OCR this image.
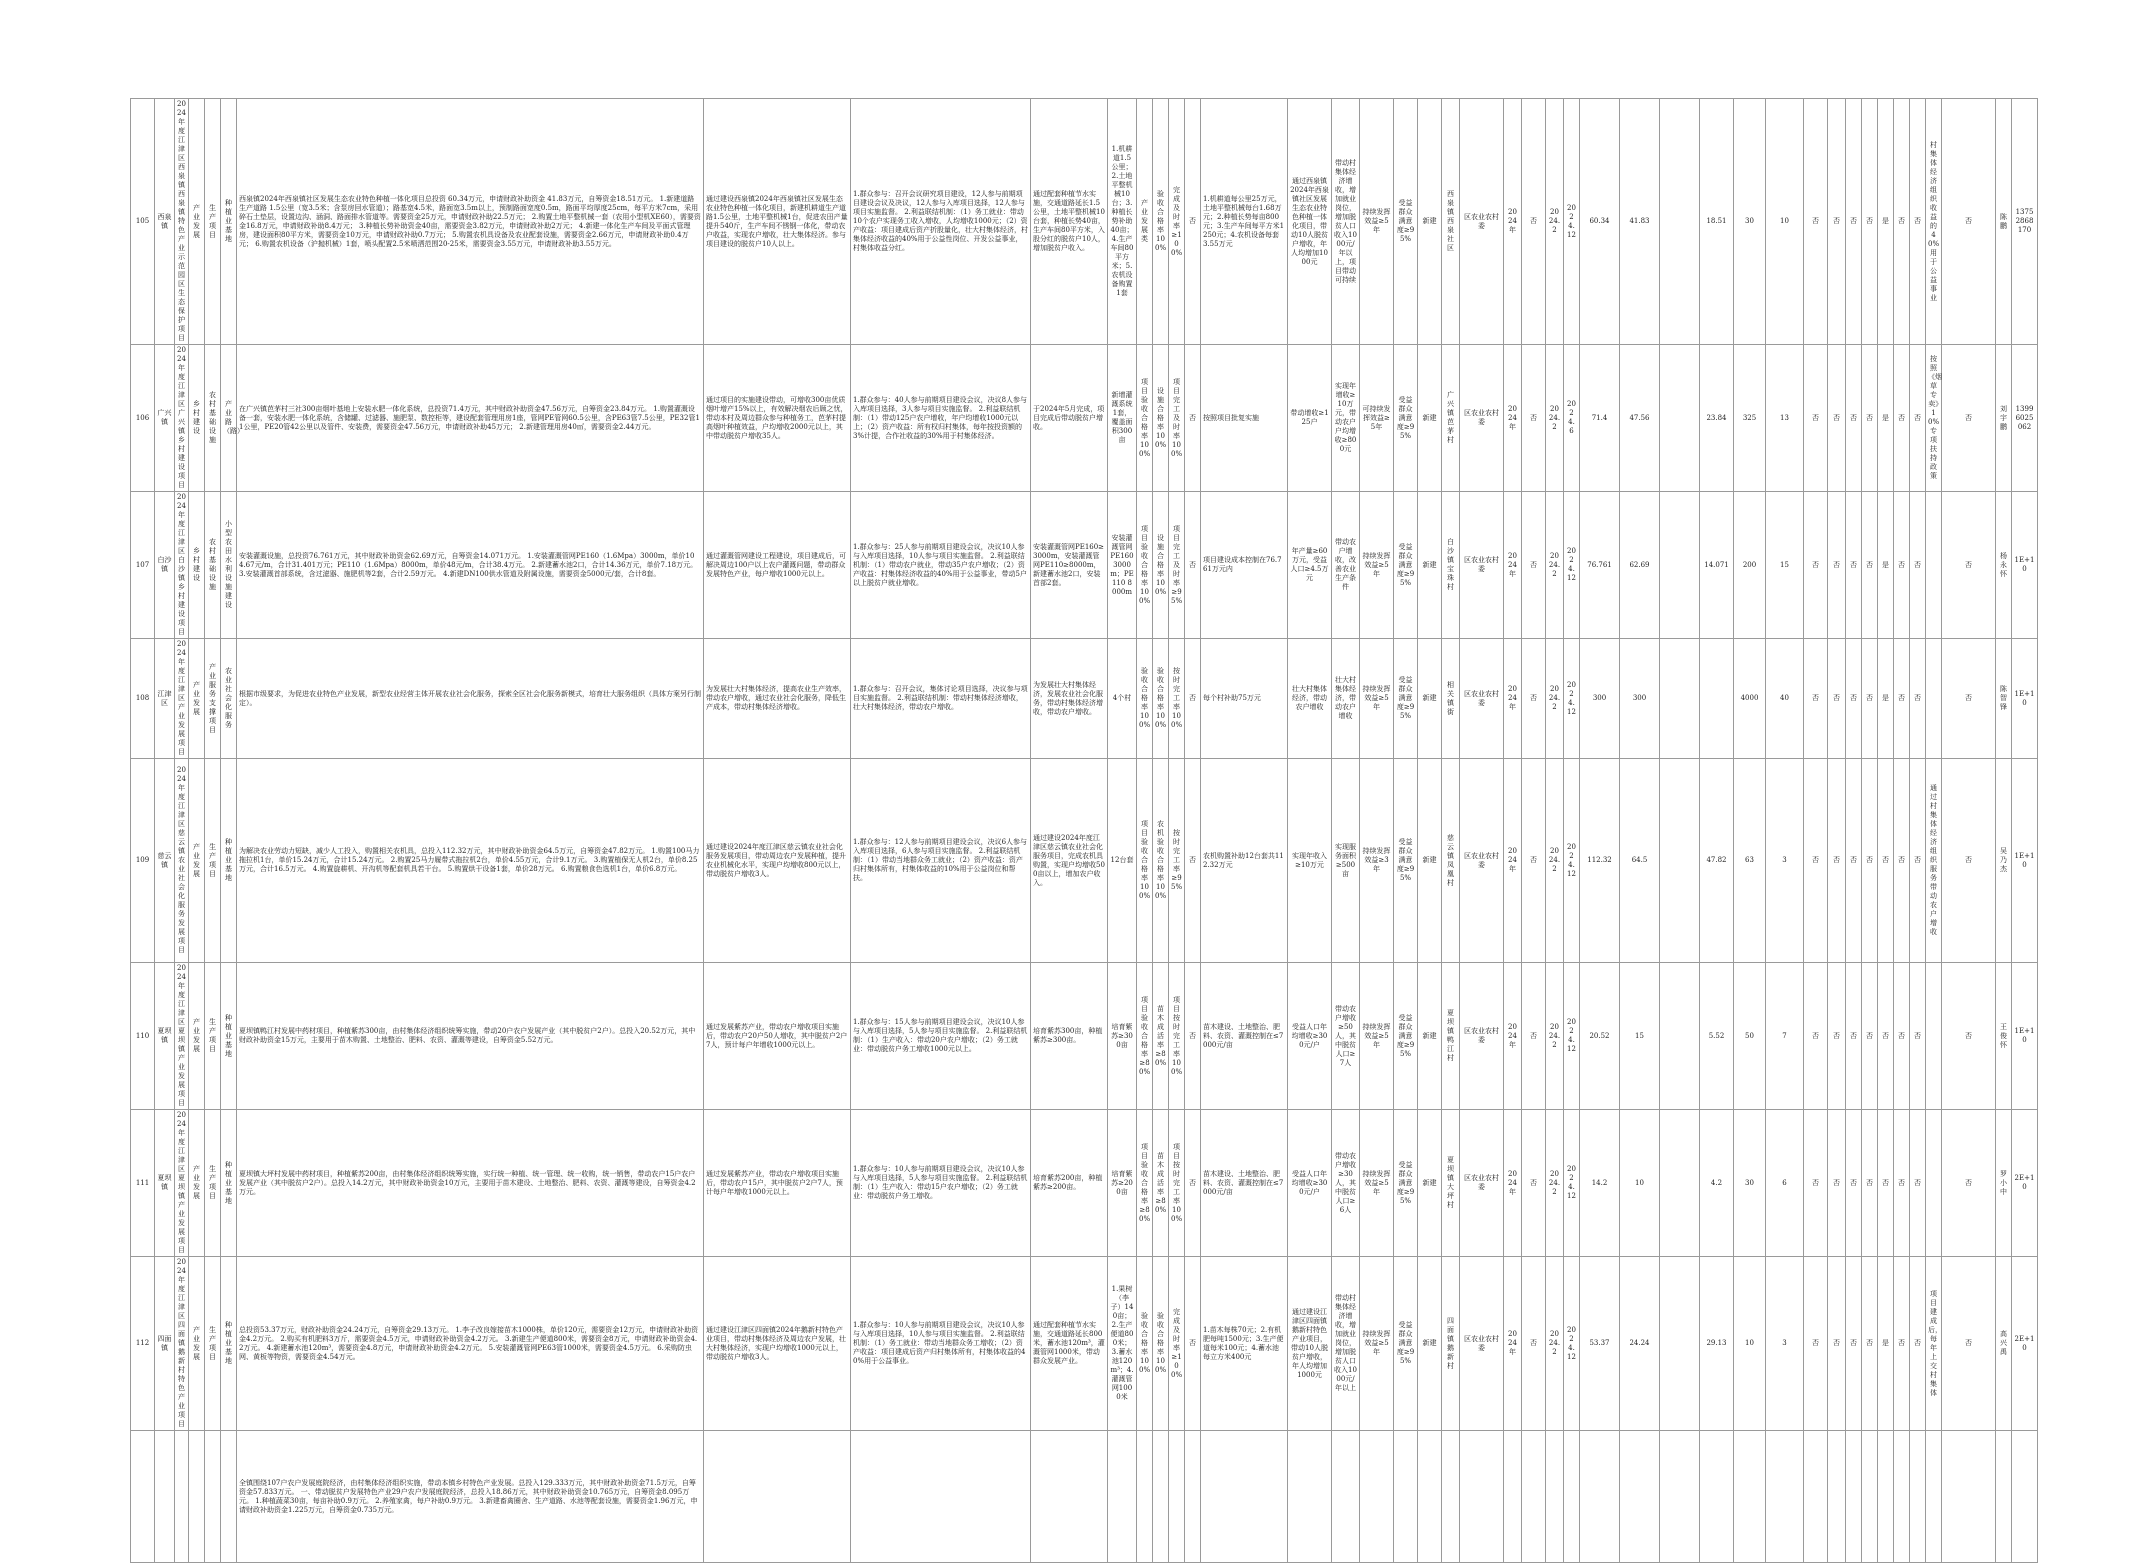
105	西泉镇	2024年度江津区西泉镇西泉镇特色产业示范园区生态保护项目	产业发展	生产项目	种植业基地	西泉镇2024年西泉镇社区发展生态农业特色种植一体化项目总投资 60.34万元，申请财政补助资金 41.83万元，自筹资金18.51万元。 1.新建道路生产道路 1.5公里（宽3.5米；含泵房回水管道）；路基宽4.5米，路面宽3.5m以上，预制路面宽度0.5m，路面平均厚度25cm，每平方米7cm，采用碎石土垫层，设置边沟、涵洞、路面排水管道等。需要资金25万元，申请财政补助22.5万元； 2.购置土地平整机械一套（农用小型机XE60），需要资金16.8万元，申请财政补助8.4万元； 3.种植长势补助资金40亩，需要资金3.82万元，申请财政补助2万元； 4.新建一体化生产车间及平面式管理房，建设面积80平方米，需要资金10万元，申请财政补助0.7万元； 5.购置农机具设备及农业配套设施，需要资金2.66万元，申请财政补助0.4万元； 6.购置农机设备（沪抛机械）1套，喷头配置2.5米喷洒范围20-25米，需要资金3.55万元，申请财政补助3.55万元。	通过建设西泉镇2024年西泉镇社区发展生态农业特色种植一体化项目，新建机耕道生产道路1.5公里，土地平整机械1台，促进农田产量提升540斤，生产车间不锈钢一体化，带动农户收益，实现农户增收，壮大集体经济。参与项目建设的脱贫户10人以上。	1.群众参与：召开会议研究项目建设，12人参与前期项目建设会议及决议，12人参与入库项目选择，12人参与项目实施监督。 2.利益联结机制：（1）务工就业：带动10个农户实现务工收入增收，人均增收1000元；（2）资产收益：项目建成后资产折股量化，壮大村集体经济，村集体经济收益的40%用于公益性岗位、开发公益事业，村集体收益分红。	通过配套种植节水实施，交通道路延长1.5公里，土地平整机械10台套，种植长势40亩，生产车间80平方米，入股分红的脱贫户10人，增加脱贫户收入。	1.机耕道1.5公里；2.土地平整机械10台；3.种植长势补助40亩；4.生产车间80平方米；5.农机设备购置1套	产业发展类	验收合格率100%	完成及时率≥100%	否	1.机耕道每公里25万元，土地平整机械每台1.68万元；2.种植长势每亩800元；3.生产车间每平方米1250元；4.农机设备每套3.55万元	通过西泉镇2024年西泉镇社区发展生态农业特色种植一体化项目，带动10人脱贫户增收，年人均增加1000元	带动村集体经济增收，增加就业岗位，增加脱贫人口收入1000元/年以上，项目带动可持续	持续发挥效益≥5年	受益群众满意度≥95%	新建	西泉镇西泉社区	区农业农村委	2024年	否	2024.2	2024.12	60.34	41.83		18.51	30	10	否	否	否	否	是	否	否	村集体经济组织收益的40%用于公益事业	否	陈鹏	13752868170
106	广兴镇	2024年度江津区广兴镇乡村建设项目	乡村建设	农村基础设施	产业路（路）	在广兴镇芭茅村三社300亩烟叶基地上安装水肥一体化系统，总投资71.4万元，其中财政补助资金47.56万元，自筹资金23.84万元。 1.购置灌溉设备一套，安装水肥一体化系统，含储罐、过滤器、施肥泵、数控柜等，建设配套管理用房1座，管网PE管网60.5公里，含PE63管7.5公里，PE32管11公里，PE20管42公里以及管件、安装费，需要资金47.56万元，申请财政补助45万元； 2.新建管理用房40㎡，需要资金2.44万元。	通过项目的实施建设带动，可增收300亩优质烟叶增产15%以上，有效解决烟农后顾之忧，带动本村及周边群众参与种植务工，芭茅村提高烟叶种植效益，户均增收2000元以上，其中带动脱贫户增收35人。	1.群众参与：40人参与前期项目建设会议，决议8人参与入库项目选择，3人参与项目实施监督。 2.利益联结机制：（1）带动125户农户增收，年户均增收1000元以上；（2）资产收益：所有权归村集体，每年按投资额的3%计提，合作社收益的30%用于村集体经济。	于2024年5月完成，项目完成后带动脱贫户增收。	新增灌溉系统1套，覆盖面积300亩	项目验收合格率100%	设施合格率100%	项目完工及时率100%	否	按照项目批复实施	带动增收≥125户	实现年增收≥10万元，带动农户户均增收≥800元	可持续发挥效益≥5年	受益群众满意度≥95%	新建	广兴镇芭茅村	区农业农村委	2024年	否	2024.2	2024.6	71.4	47.56		23.84	325	13	否	否	否	否	是	否	否	按照《烟草专卖》10%专项扶持政策	否	刘宇鹏	13996025062
107	白沙镇	2024年度江津区白沙镇乡村建设项目	乡村建设	农村基础设施	小型农田水利设施建设	安装灌溉设施，总投资76.761万元，其中财政补助资金62.69万元，自筹资金14.071万元。 1.安装灌溉管网PE160（1.6Mpa）3000m，单价104.67元/m，合计31.401万元；PE110（1.6Mpa）8000m，单价48元/m，合计38.4万元。 2.新建蓄水池2口，合计14.36万元，单价7.18万元。 3.安装灌溉首部系统，含过滤器、施肥机等2套，合计2.59万元。 4.新建DN100供水管道及附属设施，需要资金5000元/套，合计8套。	通过灌溉管网建设工程建设，项目建成后，可解决周边100户以上农户灌溉问题，带动群众发展特色产业，每户增收1000元以上。	1.群众参与：25人参与前期项目建设会议，决议10人参与入库项目选择，10人参与项目实施监督。 2.利益联结机制：（1）带动农户就业，带动35户农户增收；（2）资产收益：村集体经济收益的40%用于公益事业，带动5户以上脱贫户就业增收。	安装灌溉管网PE160≥3000m，安装灌溉管网PE110≥8000m，新建蓄水池2口，安装首部2套。	安装灌溉管网PE160 3000m；PE110 8000m	项目验收合格率100%	设施合格率100%	项目完工及时率≥95%	否	项目建设成本控制在76.761万元内	年产量≥60万元，受益人口≥4.5万元	带动农户增收，改善农业生产条件	持续发挥效益≥5年	受益群众满意度≥95%	新建	白沙镇宝珠村	区农业农村委	2024年	否	2024.2	2024.12	76.761	62.69		14.071	200	15	否	否	否	否	是	否	否		否	杨永怀	1E+10
108	江津区	2024年度江津区产业发展项目	产业发展	产业服务支撑项目	农业社会化服务	根据市级要求，为促进农业特色产业发展，新型农业经营主体开展农业社会化服务，探索全区社会化服务新模式，培育壮大服务组织（具体方案另行制定）。	为发展壮大村集体经济，提高农业生产效率，带动农户增收，通过农业社会化服务，降低生产成本，带动村集体经济增收。	1.群众参与：召开会议，集体讨论项目选择，决议参与项目实施监督。 2.利益联结机制：带动村集体经济增收，壮大村集体经济，带动农户增收。	为发展壮大村集体经济，发展农业社会化服务，带动村集体经济增收，带动农户增收。	4个村	验收合格率100%	验收合格率100%	按时完工率100%	否	每个村补助75万元	壮大村集体经济，带动农户增收	壮大村集体经济，带动农户增收	持续发挥效益≥5年	受益群众满意度≥95%	新建	相关镇街	区农业农村委	2024年	否	2024.2	2024.12	300	300			4000	40	否	否	否	否	是	否	否		否	陈智锋	1E+10
109	慈云镇	2024年度江津区慈云镇农业社会化服务发展项目	产业发展	生产项目	种植业基地	为解决农业劳动力短缺，减少人工投入，购置相关农机具，总投入112.32万元，其中财政补助资金64.5万元，自筹资金47.82万元。 1.购置100马力拖拉机1台，单价15.24万元，合计15.24万元。 2.购置25马力履带式拖拉机2台，单价4.55万元，合计9.1万元。 3.购置植保无人机2台，单价8.25万元，合计16.5万元。 4.购置旋耕机、开沟机等配套机具若干台。 5.购置烘干设备1套，单价28万元。 6.购置粮食色选机1台，单价6.8万元。	通过建设2024年度江津区慈云镇农业社会化服务发展项目，带动周边农户发展种植，提升农业机械化水平，实现户均增收800元以上，带动脱贫户增收3人。	1.群众参与：12人参与前期项目建设会议，决议6人参与入库项目选择，6人参与项目实施监督。 2.利益联结机制：（1）带动当地群众务工就业；（2）资产收益：资产归村集体所有，村集体收益的10%用于公益岗位和帮扶。	通过建设2024年度江津区慈云镇农业社会化服务项目，完成农机具购置，实现户均增收500亩以上，增加农户收入。	12台套	项目验收合格率100%	农机验收合格率100%	按时完工率≥95%	否	农机购置补助12台套共112.32万元	实现年收入≥10万元	实现服务面积≥500亩	持续发挥效益≥3年	受益群众满意度≥95%	新建	慈云镇凤凰村	区农业农村委	2024年	否	2024.2	2024.12	112.32	64.5		47.82	63	3	否	否	否	否	否	否	否	通过村集体经济组织服务带动农户增收	否	吴乃杰	1E+10
110	夏坝镇	2024年度江津区夏坝镇产业发展项目	产业发展	生产项目	种植业基地	夏坝镇鸭江村发展中药材项目，种植紫苏300亩，由村集体经济组织统筹实施，带动20户农户发展产业（其中脱贫户2户）。总投入20.52万元，其中财政补助资金15万元，主要用于苗木购置、土地整治、肥料、农资、灌溉等建设，自筹资金5.52万元。	通过发展紫苏产业，带动农户增收项目实施后，带动农户20户50人增收，其中脱贫户2户7人，预计每户年增收1000元以上。	1.群众参与：15人参与前期项目建设会议，决议10人参与入库项目选择，5人参与项目实施监督。 2.利益联结机制：（1）生产收入：带动20户农户增收；（2）务工就业：带动脱贫户务工增收1000元以上。	培育紫苏300亩，种植紫苏≥300亩。	培育紫苏≥300亩	项目验收合格率≥80%	苗木成活率≥80%	项目按时完工率100%	否	苗木建设、土地整治、肥料、农资、灌溉控制在≤7000元/亩	受益人口年均增收≥300元/户	带动农户增收≥50人，其中脱贫人口≥7人	持续发挥效益≥5年	受益群众满意度≥95%	新建	夏坝镇鸭江村	区农业农村委	2024年	否	2024.2	2024.12	20.52	15		5.52	50	7	否	否	否	否	否	否	否		否	王俊怀	1E+10
111	夏坝镇	2024年度江津区夏坝镇产业发展项目	产业发展	生产项目	种植业基地	夏坝镇大坪村发展中药材项目，种植紫苏200亩，由村集体经济组织统筹实施，实行统一种植、统一管理、统一收购，统一销售，带动农户15户农户发展产业（其中脱贫户2户）。总投入14.2万元，其中财政补助资金10万元，主要用于苗木建设、土地整治、肥料、农资、灌溉等建设，自筹资金4.2万元。	通过发展紫苏产业，带动农户增收项目实施后，带动农户15户，其中脱贫户2户7人，预计每户年增收1000元以上。	1.群众参与：10人参与前期项目建设会议，决议10人参与入库项目选择，5人参与项目实施监督。 2.利益联结机制：（1）生产收入：带动15户农户增收；（2）务工就业：带动脱贫户务工增收。	培育紫苏200亩，种植紫苏≥200亩。	培育紫苏≥200亩	项目验收合格率≥80%	苗木成活率≥80%	项目按时完工率100%	否	苗木建设、土地整治、肥料、农资、灌溉控制在≤7000元/亩	受益人口年均增收≥300元/户	带动农户增收≥30人，其中脱贫人口≥6人	持续发挥效益≥5年	受益群众满意度≥95%	新建	夏坝镇大坪村	区农业农村委	2024年	否	2024.2	2024.12	14.2	10		4.2	30	6	否	否	否	否	否	否	否		否	罗小中	2E+10
112	四面镇	2024年度江津区四面镇鹅新村特色产业项目	产业发展	生产项目	种植业基地	总投资53.37万元，财政补助资金24.24万元，自筹资金29.13万元。 1.李子改良嫁接苗木1000株，单价120元，需要资金12万元，申请财政补助资金4.2万元。 2.购买有机肥料3万斤，需要资金4.5万元，申请财政补助资金4.2万元。 3.新建生产便道800米，需要资金8万元，申请财政补助资金4.2万元。 4.新建蓄水池120m³，需要资金4.8万元，申请财政补助资金4.2万元。 5.安装灌溉管网PE63管1000米，需要资金4.5万元。 6.采购防虫网、黄板等物资，需要资金4.54万元。	通过建设江津区四面镇2024年鹅新村特色产业项目，带动村集体经济及周边农户发展，壮大村集体经济，实现户均增收1000元以上，带动脱贫户增收3人。	1.群众参与：10人参与前期项目建设会议，决议10人参与入库项目选择，10人参与项目实施监督。 2.利益联结机制：（1）务工就业：带动当地群众务工增收；（2）资产收益：项目建成后资产归村集体所有，村集体收益的40%用于公益事业。	通过配套种植节水实施，交通道路延长800米，蓄水池120m³，灌溉管网1000米，带动群众发展产业。	1.果树（李子）140亩；2.生产便道800米；3.蓄水池120m³；4.灌溉管网1000米	验收合格率100%	验收合格率100%	完成及时率≥100%	否	1.苗木每株70元；2.有机肥每吨1500元；3.生产便道每米100元；4.蓄水池每立方米400元	通过建设江津区四面镇鹅新村特色产业项目，带动10人脱贫户增收，年人均增加1000元	带动村集体经济增收，增加就业岗位，增加脱贫人口收入1000元/年以上	持续发挥效益≥5年	受益群众满意度≥95%	新建	四面镇鹅新村	区农业农村委	2024年	否	2024.2	2024.12	53.37	24.24		29.13	10	3	否	否	否	否	是	否	否	项目建成后，每年上交村集体	否	高兴禹	2E+10
						全镇围绕107户农户发展庭院经济，由村集体经济组织实施，带动本镇乡村特色产业发展。总投入129.333万元，其中财政补助资金71.5万元，自筹资金57.833万元。 一、带动脱贫户发展特色产业29户农户发展庭院经济，总投入18.86万元，其中财政补助资金10.765万元，自筹资金8.095万元。 1.种植蔬菜30亩，每亩补助0.9万元。 2.养殖家禽，每户补助0.9万元。 3.新建畜禽圈舍、生产道路、水池等配套设施，需要资金1.96万元，申请财政补助资金1.225万元，自筹资金0.735万元。																																					
